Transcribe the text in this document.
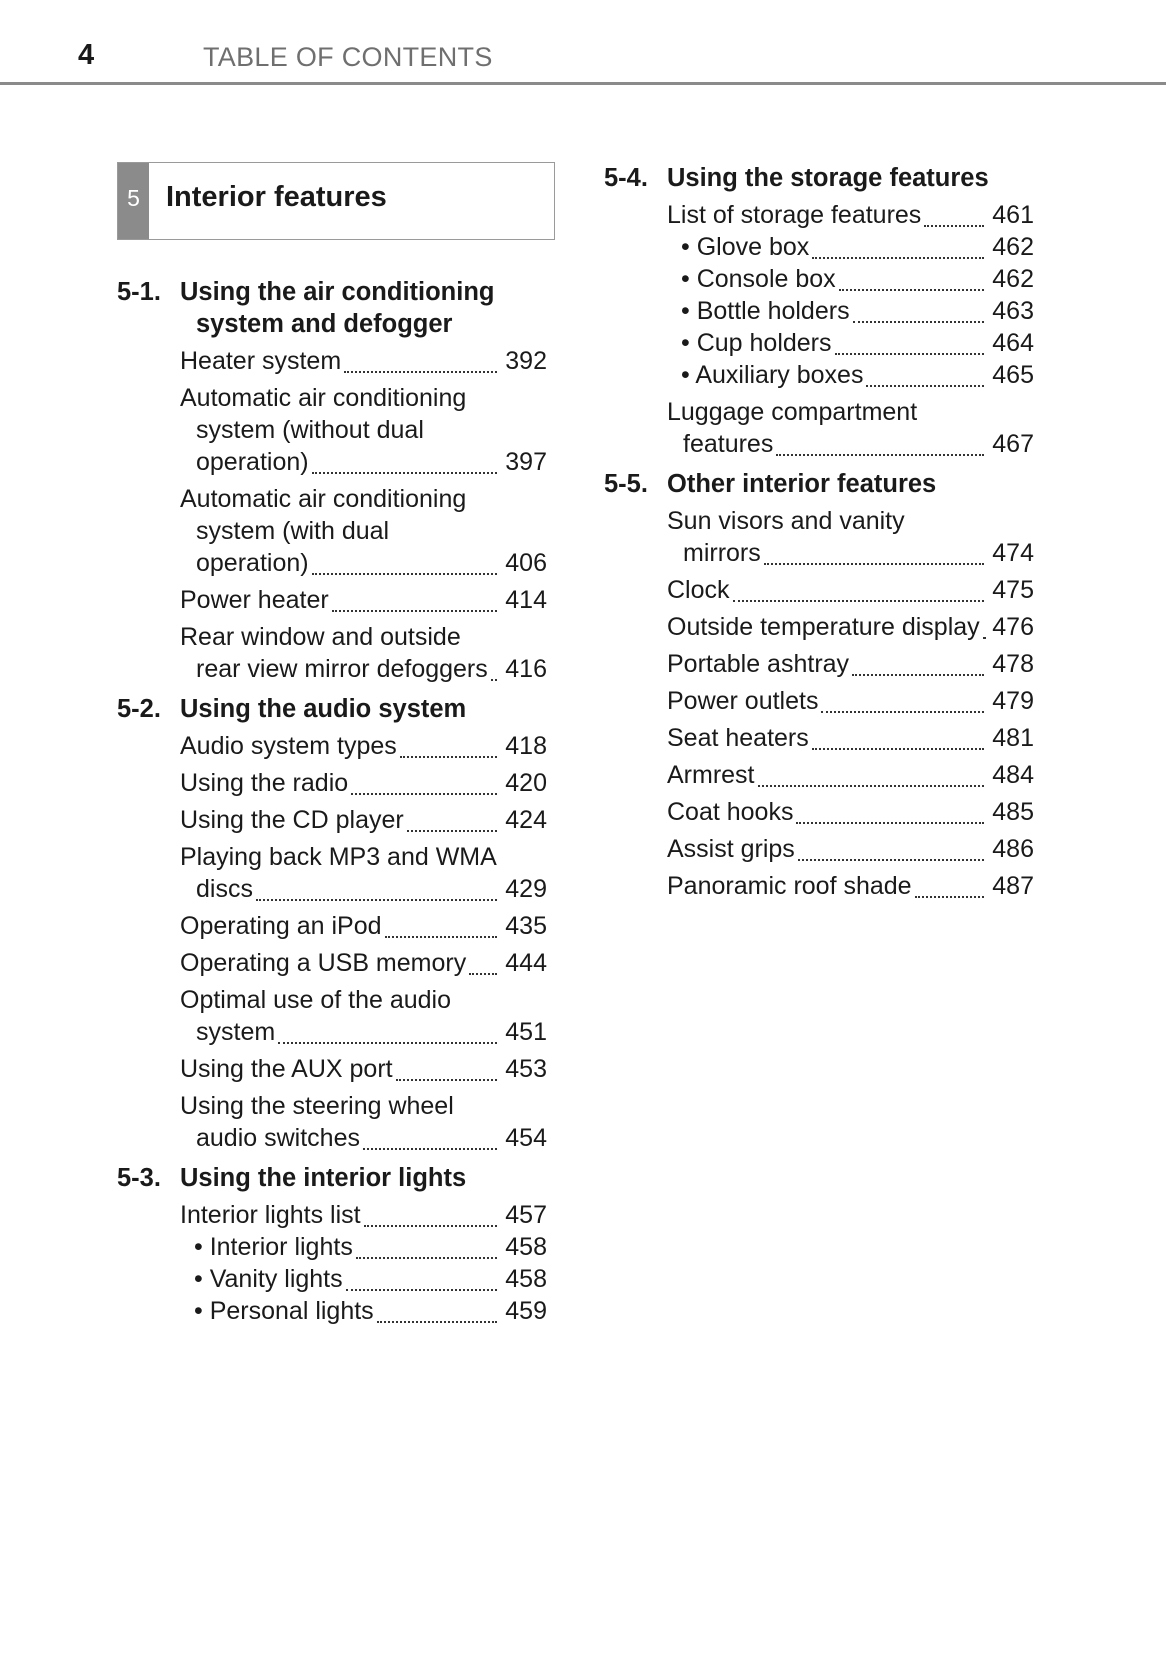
4	TABLE OF CONTENTS
5 Interior features
5-1. Using the air conditioning system and defogger
Heater system	392
Automatic air conditioning system (without dual operation)	397
Automatic air conditioning system (with dual operation)	406
Power heater	414
Rear window and outside rear view mirror defoggers 416
5-2. Using the audio system
Audio system types	418
Using the radio	420
Using the CD player	424
Playing back MP3 and WMA discs	429
Operating an iPod	435
Operating a USB memory	444
Optimal use of the audio system	451
Using the AUX port	453
Using the steering wheel audio switches	454
5-3. Using the interior lights
Interior lights list	457
• Interior lights	458
• Vanity lights	458
• Personal lights	459
5-4. Using the storage features
List of storage features	461
• Glove box	462
• Console box	462
• Bottle holders	463
• Cup holders	464
• Auxiliary boxes	465
Luggage compartment features	467
5-5. Other interior features
Sun visors and vanity mirrors	474
Clock	475
Outside temperature display 476
Portable ashtray	478
Power outlets	479
Seat heaters	481
Armrest	484
Coat hooks	485
Assist grips	486
Panoramic roof shade	487
